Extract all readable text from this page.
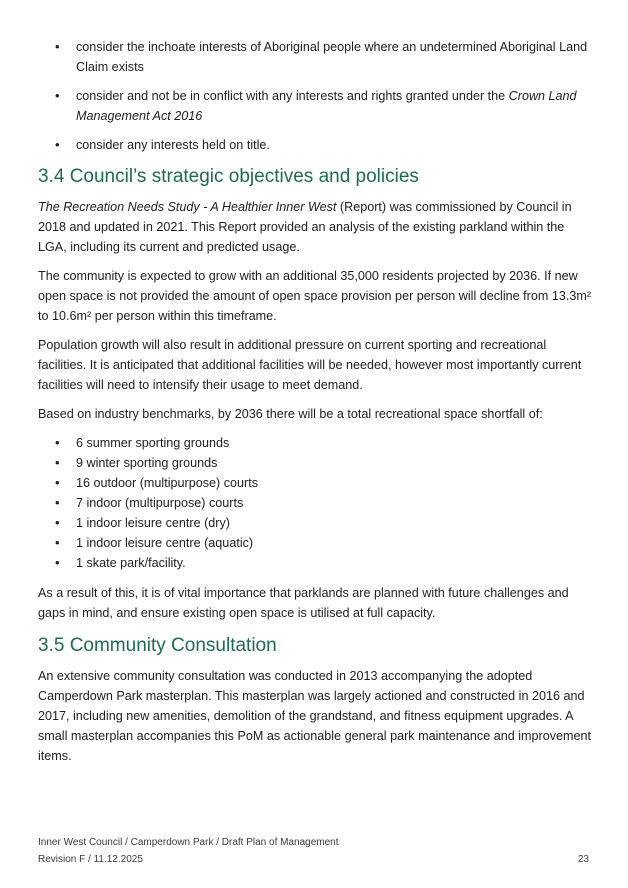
• consider the inchoate interests of Aboriginal people where an undetermined Aboriginal Land Claim exists
• consider and not be in conflict with any interests and rights granted under the Crown Land Management Act 2016
• consider any interests held on title.
3.4 Council’s strategic objectives and policies

The Recreation Needs Study - A Healthier Inner West (Report) was commissioned by Council in 2018 and updated in 2021. This Report provided an analysis of the existing parkland within the LGA, including its current and predicted usage.

The community is expected to grow with an additional 35,000 residents projected by 2036. If new open space is not provided the amount of open space provision per person will decline from 13.3m² to 10.6m² per person within this timeframe.

Population growth will also result in additional pressure on current sporting and recreational facilities. It is anticipated that additional facilities will be needed, however most importantly current facilities will need to intensify their usage to meet demand.

Based on industry benchmarks, by 2036 there will be a total recreational space shortfall of:

• 6 summer sporting grounds
• 9 winter sporting grounds
• 16 outdoor (multipurpose) courts
• 7 indoor (multipurpose) courts
• 1 indoor leisure centre (dry)
• 1 indoor leisure centre (aquatic)
• 1 skate park/facility.

As a result of this, it is of vital importance that parklands are planned with future challenges and gaps in mind, and ensure existing open space is utilised at full capacity.

3.5 Community Consultation

An extensive community consultation was conducted in 2013 accompanying the adopted Camperdown Park masterplan. This masterplan was largely actioned and constructed in 2016 and 2017, including new amenities, demolition of the grandstand, and fitness equipment upgrades. A small masterplan accompanies this PoM as actionable general park maintenance and improvement items.

Inner West Council / Camperdown Park / Draft Plan of Management
Revision F / 11.12.2025	23
